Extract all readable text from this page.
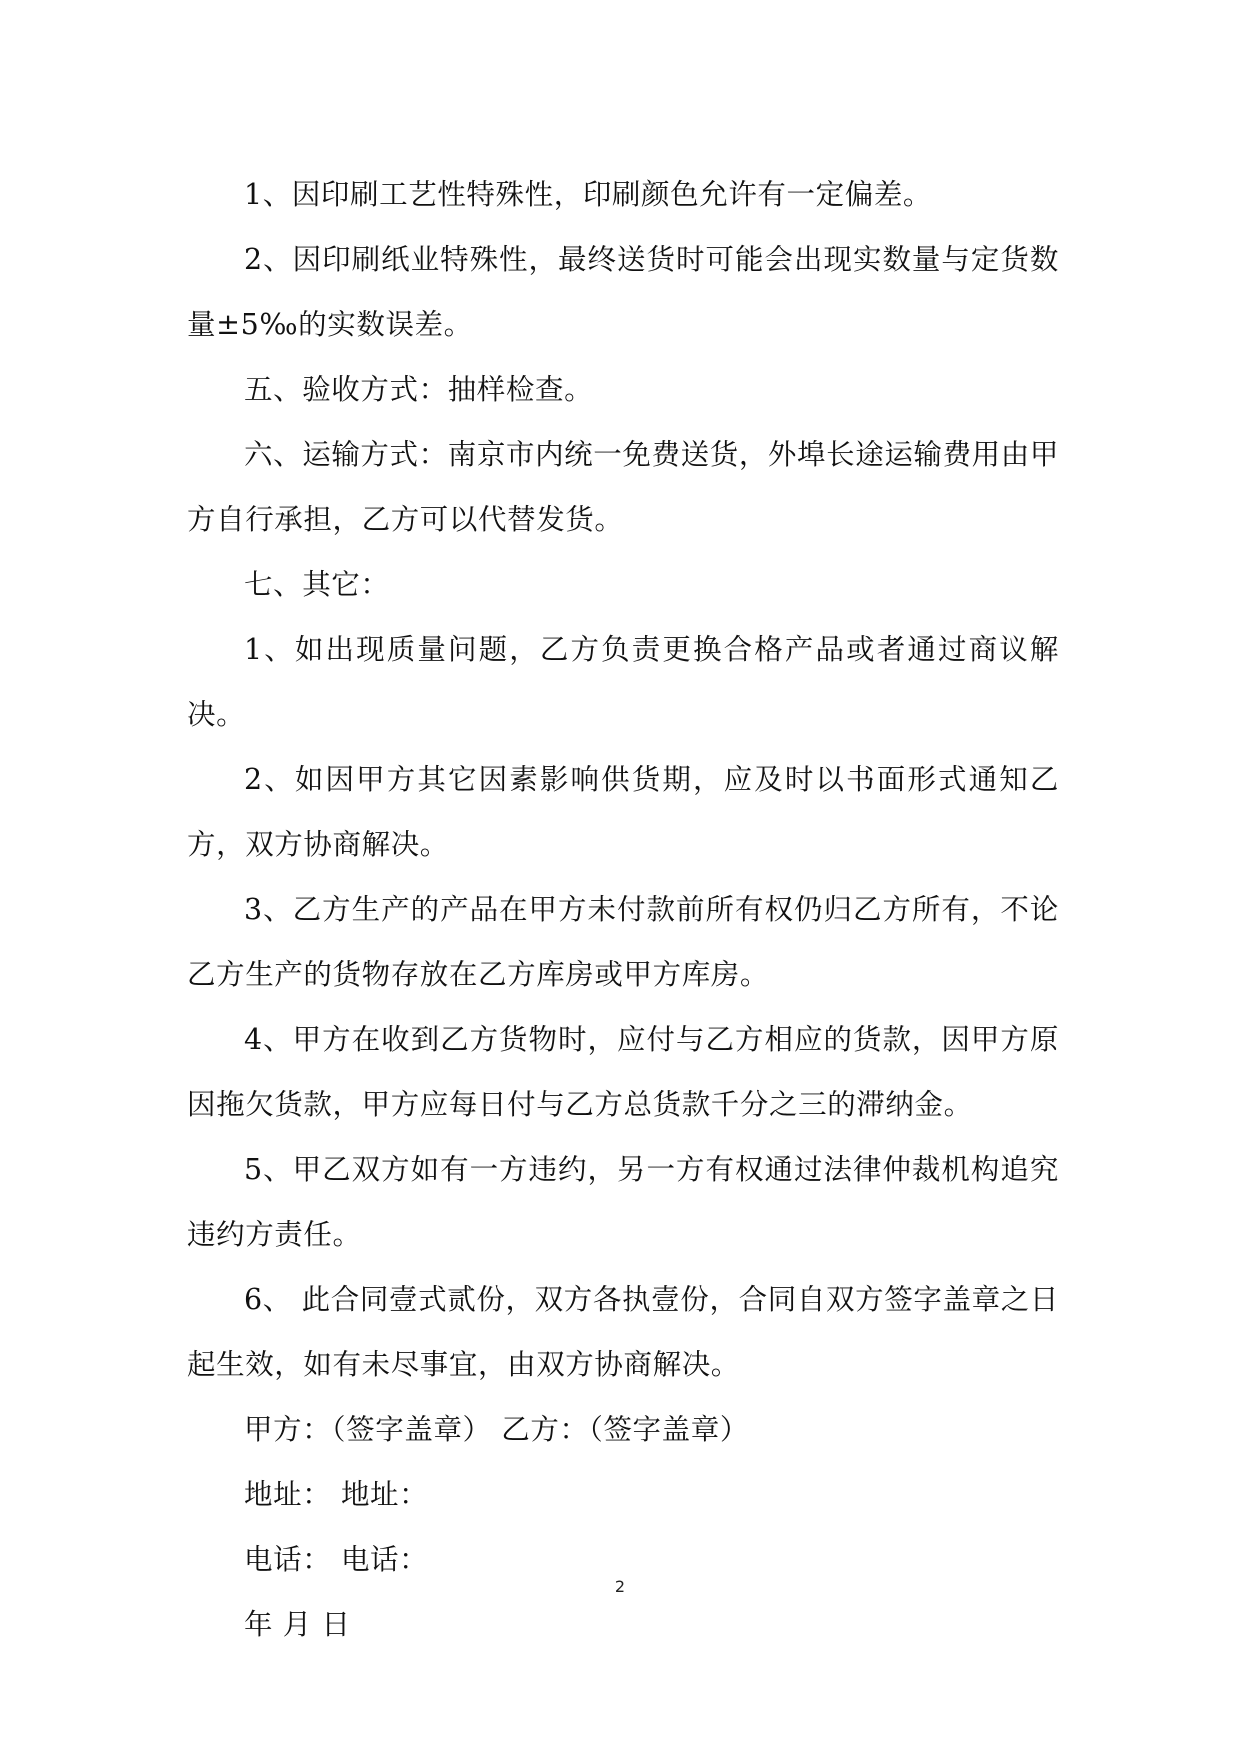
1、因印刷工艺性特殊性，印刷颜色允许有一定偏差。

2、因印刷纸业特殊性，最终送货时可能会出现实数量与定货数量±5‰的实数误差。

五、验收方式：抽样检查。

六、运输方式：南京市内统一免费送货，外埠长途运输费用由甲方自行承担，乙方可以代替发货。

七、其它：

1、如出现质量问题，乙方负责更换合格产品或者通过商议解决。

2、如因甲方其它因素影响供货期，应及时以书面形式通知乙方，双方协商解决。

3、乙方生产的产品在甲方未付款前所有权仍归乙方所有，不论乙方生产的货物存放在乙方库房或甲方库房。

4、甲方在收到乙方货物时，应付与乙方相应的货款，因甲方原因拖欠货款，甲方应每日付与乙方总货款千分之三的滞纳金。

5、甲乙双方如有一方违约，另一方有权通过法律仲裁机构追究违约方责任。

6、 此合同壹式贰份，双方各执壹份，合同自双方签字盖章之日起生效，如有未尽事宜，由双方协商解决。

甲方：（签字盖章） 乙方：（签字盖章）

地址： 地址：

电话： 电话：

年 月 日

2
